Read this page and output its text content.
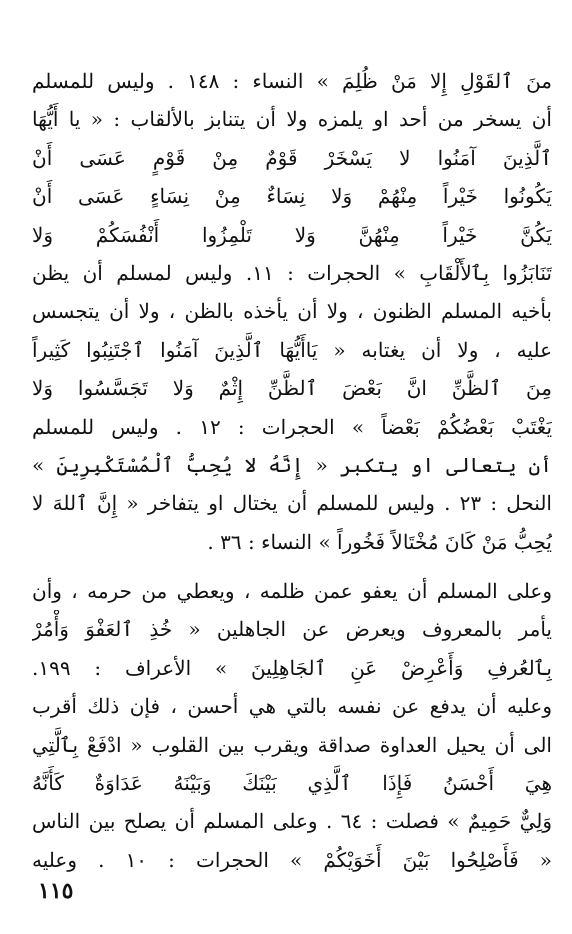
منَ ٱلقَوْلِ إِلا مَنْ ظُلِمَ » النساء : ١٤٨ . وليس للمسلم
أن يسخر من أحد او يلمزه ولا أن يتنابز بالألقاب : « يا أَيُّهَا
ٱلَّذِينَ آمَنُوا لا يَسْخَرْ قَوْمٌ مِنْ قَوْمٍ عَسَى أَنْ
يَكُونُوا خَيْراً مِنْهُمْ وَلا نِسَاءٌ مِنْ نِسَاءٍ عَسَى أَنْ
يَكُنَّ خَيْراً مِنْهُنَّ وَلا تَلْمِزُوا أَنْفُسَكُمْ وَلا
تَنَابَزُوا بِٱلأَلْقَابِ » الحجرات : ١١. وليس لمسلم أن يظن
بأخيه المسلم الظنون ، ولا أن يأخذه بالظن ، ولا أن يتجسس
عليه ، ولا أن يغتابه « يَاأَيُّهَا ٱلَّذِينَ آمَنُوا ٱجْتَنِبُوا كَثِيراً
مِنَ ٱلظَّنِّ انَّ بَعْضَ ٱلظَّنِّ إِثْمٌ وَلا تَجَسَّسُوا وَلا
يَغْتَبْ بَعْضُكُمْ بَعْضاً » الحجرات : ١٢ . وليس للمسلم
أن يتعالى او يتكبر « إِنَّهُ لا يُحِبُّ ٱلْمُسْتَكْبِرِينَ »
النحل : ٢٣ . وليس للمسلم أن يختال او يتفاخر « إِنَّ ٱللهَ لا
يُحِبُّ مَنْ كَانَ مُخْتَالاً فَخُوراً » النساء : ٣٦ .
وعلى المسلم أن يعفو عمن ظلمه ، ويعطي من حرمه ، وأن
يأمر بالمعروف ويعرض عن الجاهلين « خُذِ ٱلعَفْوَ وَأْمُرْ
بِٱلعُرفِ وَأَعْرِضْ عَنِ ٱلجَاهِلِينَ » الأعراف : ١٩٩.
وعليه أن يدفع عن نفسه بالتي هي أحسن ، فإن ذلك أقرب
الى أن يحيل العداوة صداقة ويقرب بين القلوب « ادْفَعْ بِٱلَّتِي
هِيَ أَحْسَنُ فَإِذَا ٱلَّذِي بَيْنَكَ وَبَيْنَهُ عَدَاوَةٌ كَأَنَّهُ
وَلِيٌّ حَمِيمٌ » فصلت : ٦٤ . وعلى المسلم أن يصلح بين الناس
« فَأَصْلِحُوا بَيْنَ أَخَوَيْكُمْ » الحجرات : ١٠ . وعليه
١١٥
